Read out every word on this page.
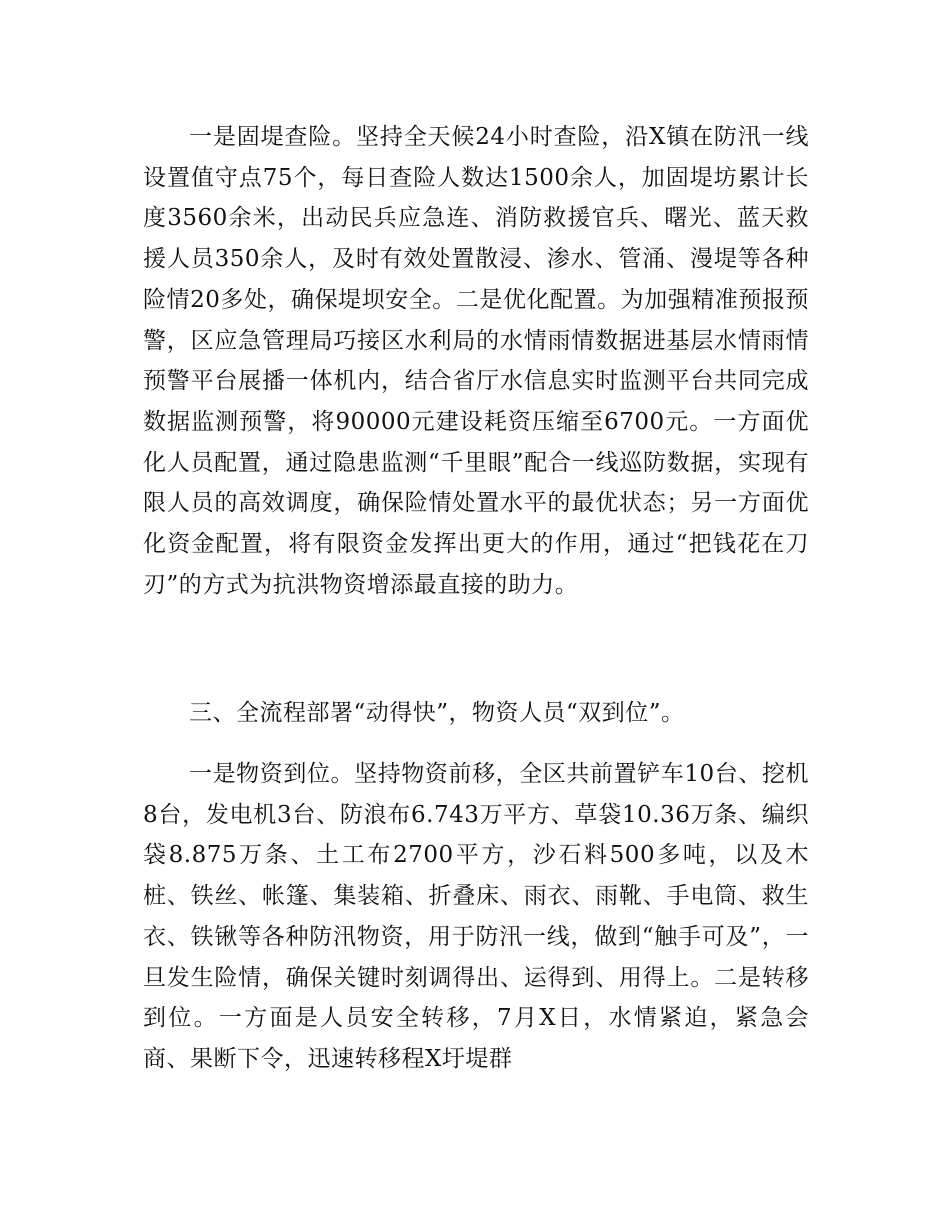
一是固堤查险。坚持全天候24小时查险，沿X镇在防汛一线设置值守点75个，每日查险人数达1500余人，加固堤坊累计长度3560余米，出动民兵应急连、消防救援官兵、曙光、蓝天救援人员350余人，及时有效处置散浸、渗水、管涌、漫堤等各种险情20多处，确保堤坝安全。二是优化配置。为加强精准预报预警，区应急管理局巧接区水利局的水情雨情数据进基层水情雨情预警平台展播一体机内，结合省厅水信息实时监测平台共同完成数据监测预警，将90000元建设耗资压缩至6700元。一方面优化人员配置，通过隐患监测“千里眼”配合一线巡防数据，实现有限人员的高效调度，确保险情处置水平的最优状态；另一方面优化资金配置，将有限资金发挥出更大的作用，通过“把钱花在刀刃”的方式为抗洪物资增添最直接的助力。

三、全流程部署“动得快”，物资人员“双到位”。

一是物资到位。坚持物资前移，全区共前置铲车10台、挖机8台，发电机3台、防浪布6.743万平方、草袋10.36万条、编织袋8.875万条、土工布2700平方，沙石料500多吨，以及木桩、铁丝、帐篷、集装箱、折叠床、雨衣、雨靴、手电筒、救生衣、铁锹等各种防汛物资，用于防汛一线，做到“触手可及”，一旦发生险情，确保关键时刻调得出、运得到、用得上。二是转移到位。一方面是人员安全转移，7月X日，水情紧迫，紧急会商、果断下令，迅速转移程X圩堤群
